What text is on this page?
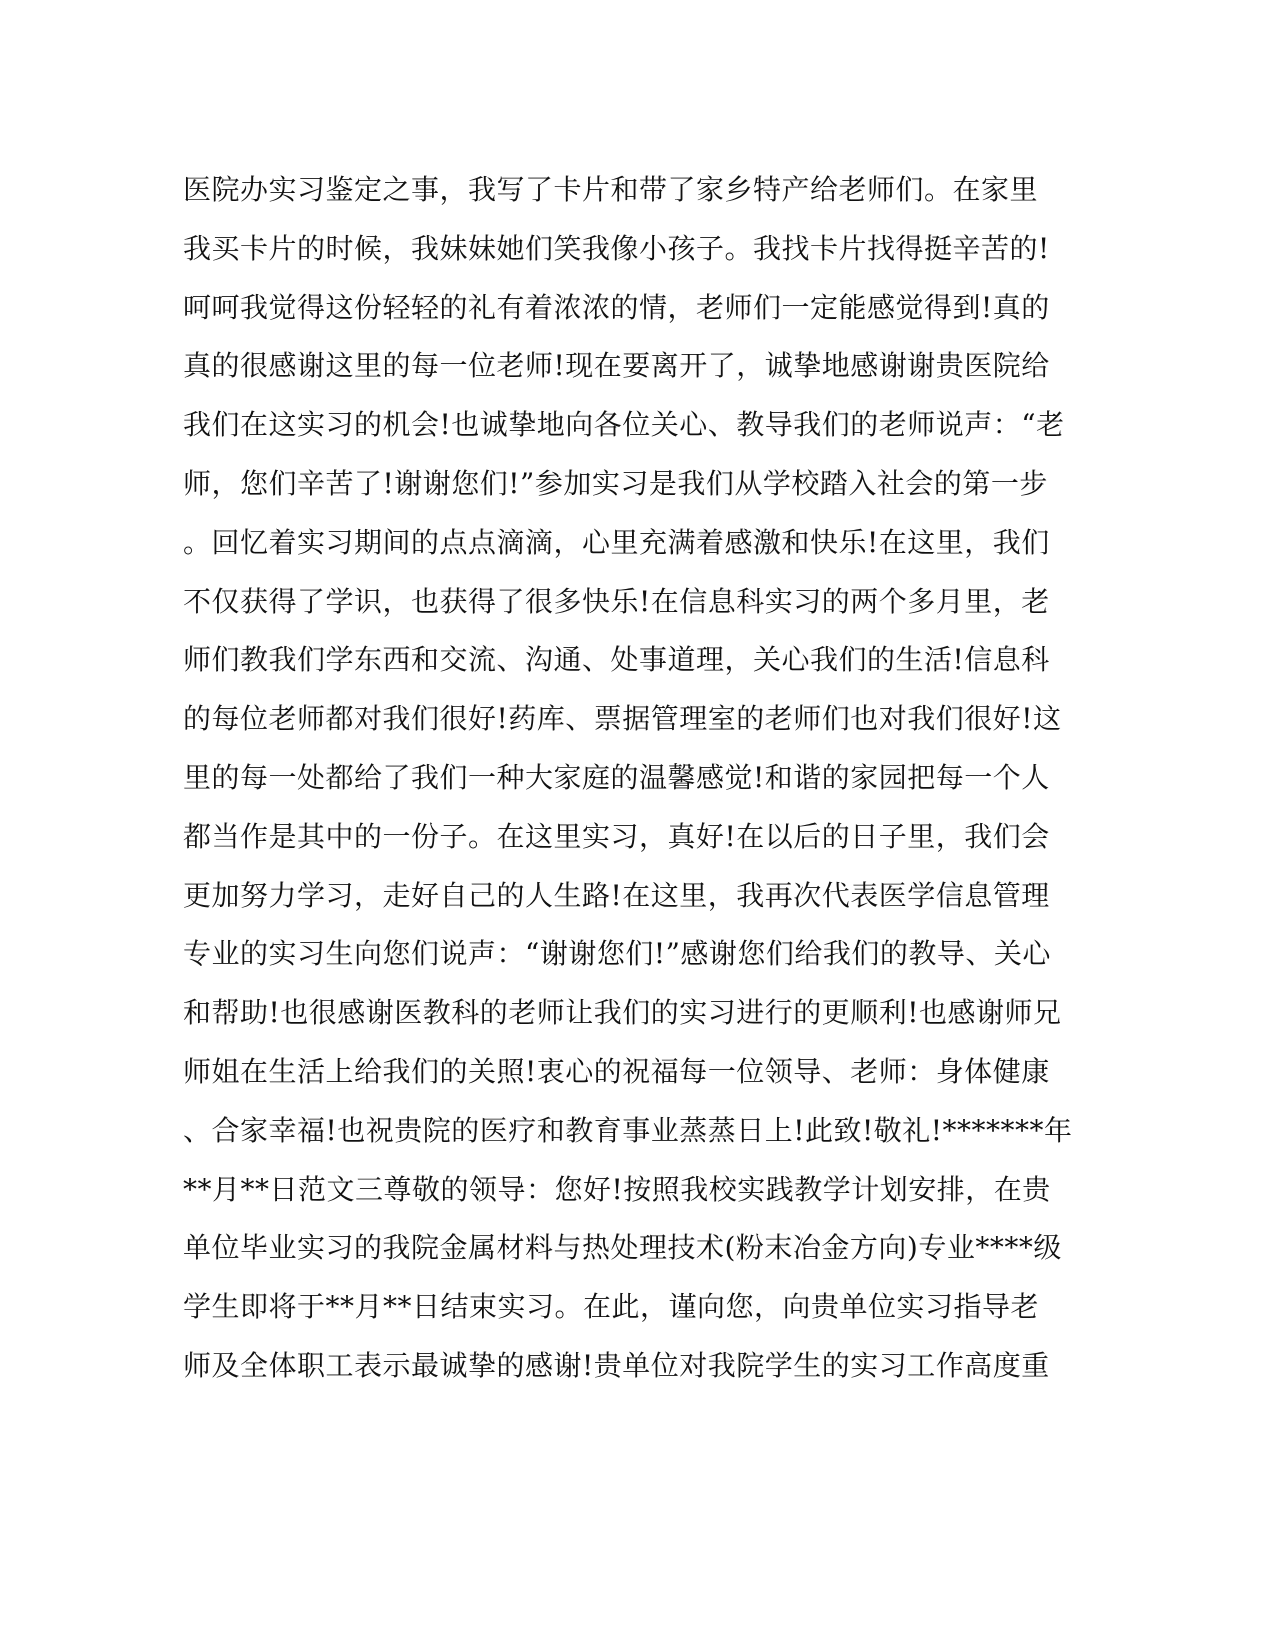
医院办实习鉴定之事，我写了卡片和带了家乡特产给老师们。在家里
我买卡片的时候，我妹妹她们笑我像小孩子。我找卡片找得挺辛苦的!
呵呵我觉得这份轻轻的礼有着浓浓的情，老师们一定能感觉得到!真的
真的很感谢这里的每一位老师!现在要离开了，诚挚地感谢谢贵医院给
我们在这实习的机会!也诚挚地向各位关心、教导我们的老师说声：“老
师，您们辛苦了!谢谢您们!”参加实习是我们从学校踏入社会的第一步
。回忆着实习期间的点点滴滴，心里充满着感激和快乐!在这里，我们
不仅获得了学识，也获得了很多快乐!在信息科实习的两个多月里，老
师们教我们学东西和交流、沟通、处事道理，关心我们的生活!信息科
的每位老师都对我们很好!药库、票据管理室的老师们也对我们很好!这
里的每一处都给了我们一种大家庭的温馨感觉!和谐的家园把每一个人
都当作是其中的一份子。在这里实习，真好!在以后的日子里，我们会
更加努力学习，走好自己的人生路!在这里，我再次代表医学信息管理
专业的实习生向您们说声：“谢谢您们!”感谢您们给我们的教导、关心
和帮助!也很感谢医教科的老师让我们的实习进行的更顺利!也感谢师兄
师姐在生活上给我们的关照!衷心的祝福每一位领导、老师：身体健康
、合家幸福!也祝贵院的医疗和教育事业蒸蒸日上!此致!敬礼!*******年
**月**日范文三尊敬的领导：您好!按照我校实践教学计划安排，在贵
单位毕业实习的我院金属材料与热处理技术(粉末冶金方向)专业****级
学生即将于**月**日结束实习。在此，谨向您，向贵单位实习指导老
师及全体职工表示最诚挚的感谢!贵单位对我院学生的实习工作高度重
